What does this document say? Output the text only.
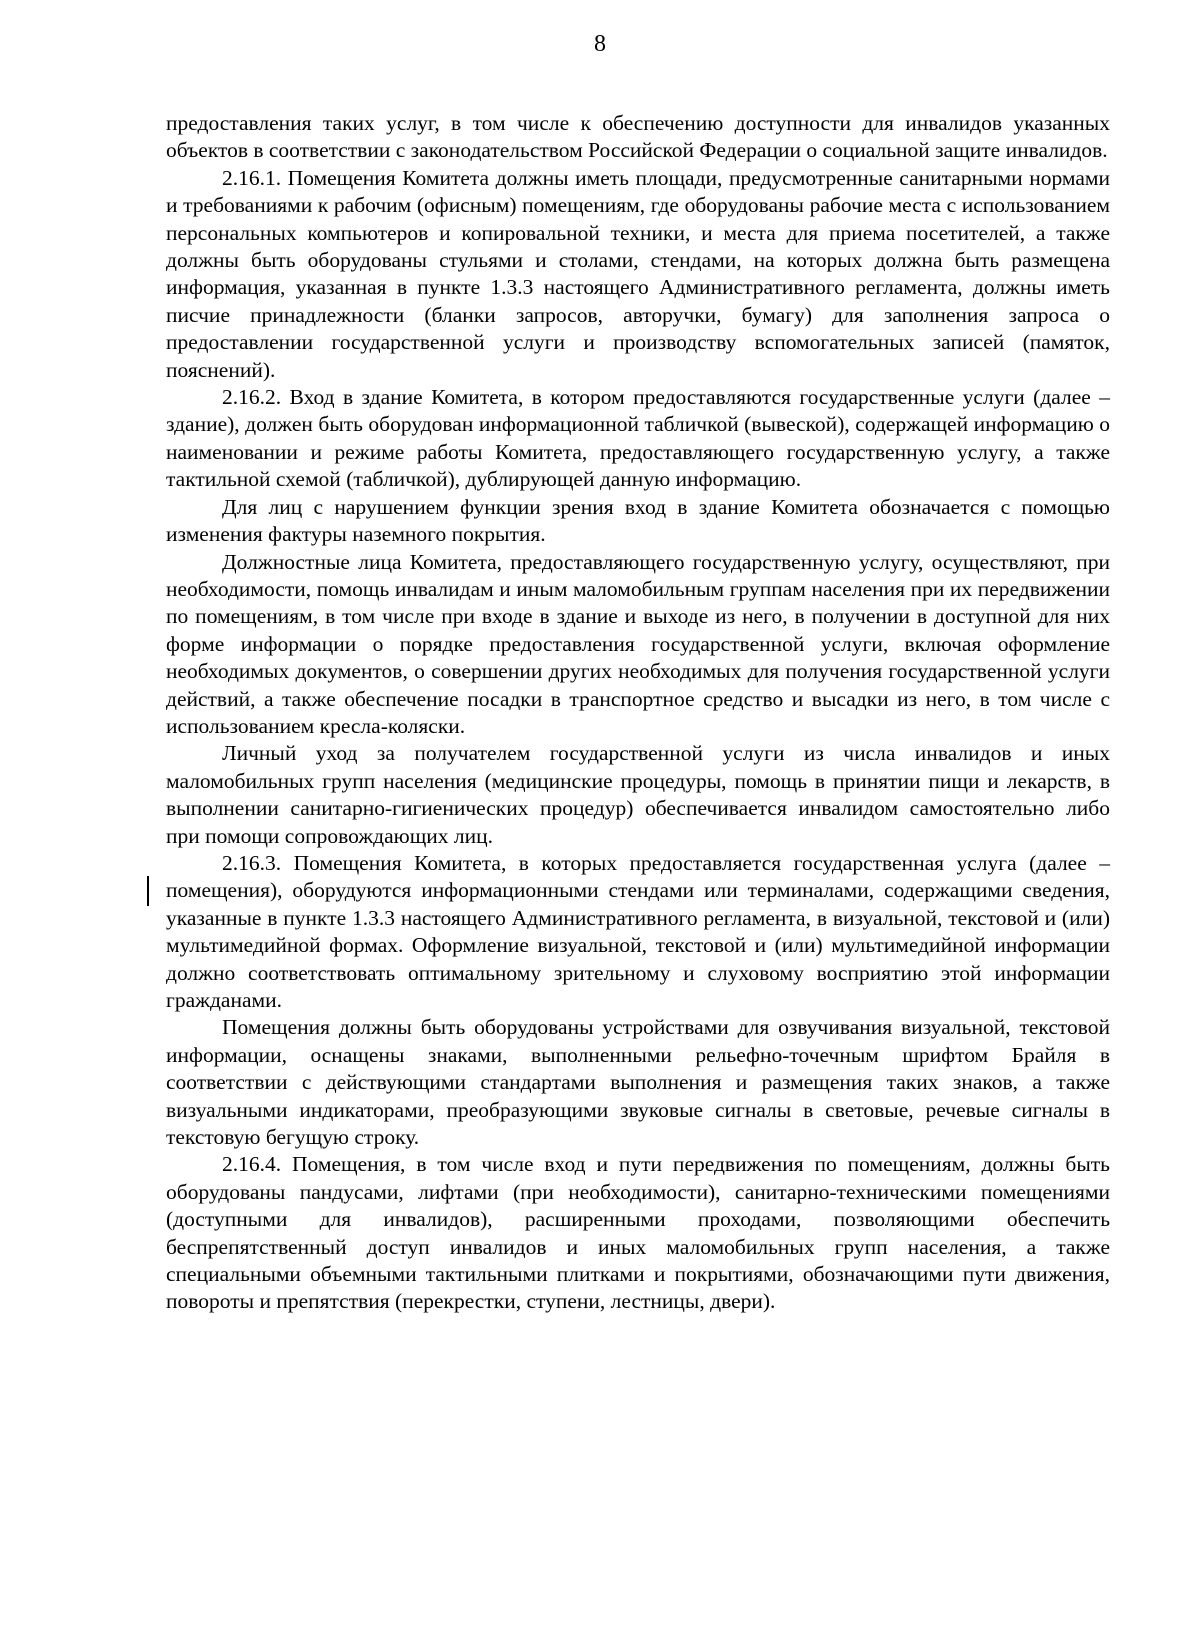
8

предоставления таких услуг, в том числе к обеспечению доступности для инвалидов указанных объектов в соответствии с законодательством Российской Федерации о социальной защите инвалидов.

2.16.1. Помещения Комитета должны иметь площади, предусмотренные санитарными нормами и требованиями к рабочим (офисным) помещениям, где оборудованы рабочие места с использованием персональных компьютеров и копировальной техники, и места для приема посетителей, а также должны быть оборудованы стульями и столами, стендами, на которых должна быть размещена информация, указанная в пункте 1.3.3 настоящего Административного регламента, должны иметь писчие принадлежности (бланки запросов, авторучки, бумагу) для заполнения запроса о предоставлении государственной услуги и производству вспомогательных записей (памяток, пояснений).

2.16.2. Вход в здание Комитета, в котором предоставляются государственные услуги (далее – здание), должен быть оборудован информационной табличкой (вывеской), содержащей информацию о наименовании и режиме работы Комитета, предоставляющего государственную услугу, а также тактильной схемой (табличкой), дублирующей данную информацию.

Для лиц с нарушением функции зрения вход в здание Комитета обозначается с помощью изменения фактуры наземного покрытия.

Должностные лица Комитета, предоставляющего государственную услугу, осуществляют, при необходимости, помощь инвалидам и иным маломобильным группам населения при их передвижении по помещениям, в том числе при входе в здание и выходе из него, в получении в доступной для них форме информации о порядке предоставления государственной услуги, включая оформление необходимых документов, о совершении других необходимых для получения государственной услуги действий, а также обеспечение посадки в транспортное средство и высадки из него, в том числе с использованием кресла-коляски.

Личный уход за получателем государственной услуги из числа инвалидов и иных маломобильных групп населения (медицинские процедуры, помощь в принятии пищи и лекарств, в выполнении санитарно-гигиенических процедур) обеспечивается инвалидом самостоятельно либо при помощи сопровождающих лиц.

2.16.3. Помещения Комитета, в которых предоставляется государственная услуга (далее – помещения), оборудуются информационными стендами или терминалами, содержащими сведения, указанные в пункте 1.3.3 настоящего Административного регламента, в визуальной, текстовой и (или) мультимедийной формах. Оформление визуальной, текстовой и (или) мультимедийной информации должно соответствовать оптимальному зрительному и слуховому восприятию этой информации гражданами.

Помещения должны быть оборудованы устройствами для озвучивания визуальной, текстовой информации, оснащены знаками, выполненными рельефно-точечным шрифтом Брайля в соответствии с действующими стандартами выполнения и размещения таких знаков, а также визуальными индикаторами, преобразующими звуковые сигналы в световые, речевые сигналы в текстовую бегущую строку.

2.16.4. Помещения, в том числе вход и пути передвижения по помещениям, должны быть оборудованы пандусами, лифтами (при необходимости), санитарно-техническими помещениями (доступными для инвалидов), расширенными проходами, позволяющими обеспечить беспрепятственный доступ инвалидов и иных маломобильных групп населения, а также специальными объемными тактильными плитками и покрытиями, обозначающими пути движения, повороты и препятствия (перекрестки, ступени, лестницы, двери).
